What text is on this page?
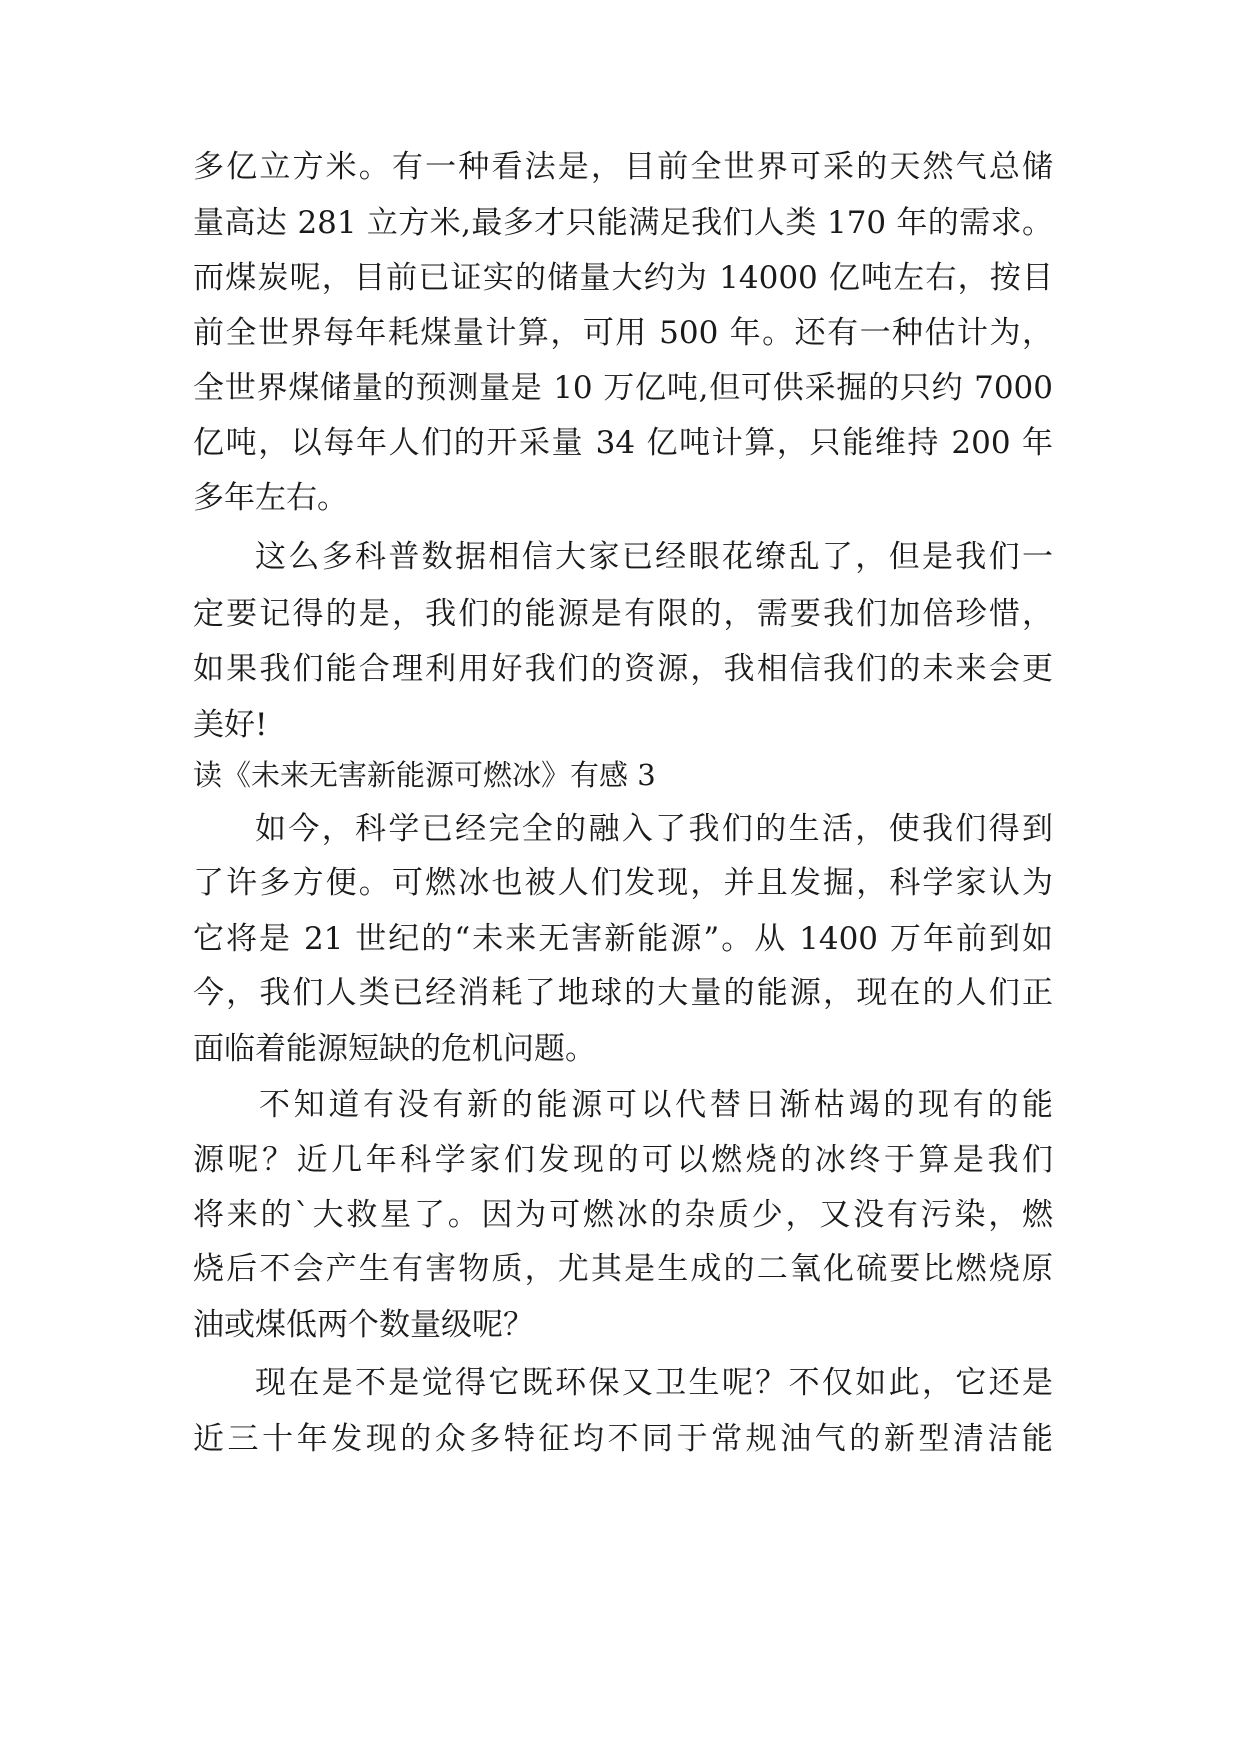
多亿立方米。有一种看法是，目前全世界可采的天然气总储
量高达 281 立方米,最多才只能满足我们人类 170 年的需求。
而煤炭呢，目前已证实的储量大约为 14000 亿吨左右，按目
前全世界每年耗煤量计算，可用 500 年。还有一种估计为，
全世界煤储量的预测量是 10 万亿吨,但可供采掘的只约 7000
亿吨，以每年人们的开采量 34 亿吨计算，只能维持 200 年
多年左右。
这么多科普数据相信大家已经眼花缭乱了，但是我们一
定要记得的是，我们的能源是有限的，需要我们加倍珍惜，
如果我们能合理利用好我们的资源，我相信我们的未来会更
美好!
读《未来无害新能源可燃冰》有感 3
如今，科学已经完全的融入了我们的生活，使我们得到
了许多方便。可燃冰也被人们发现，并且发掘，科学家认为
它将是 21 世纪的“未来无害新能源”。从 1400 万年前到如
今，我们人类已经消耗了地球的大量的能源，现在的人们正
面临着能源短缺的危机问题。
不知道有没有新的能源可以代替日渐枯竭的现有的能
源呢？近几年科学家们发现的可以燃烧的冰终于算是我们
将来的`大救星了。因为可燃冰的杂质少，又没有污染，燃
烧后不会产生有害物质，尤其是生成的二氧化硫要比燃烧原
油或煤低两个数量级呢？
现在是不是觉得它既环保又卫生呢？不仅如此，它还是
近三十年发现的众多特征均不同于常规油气的新型清洁能
